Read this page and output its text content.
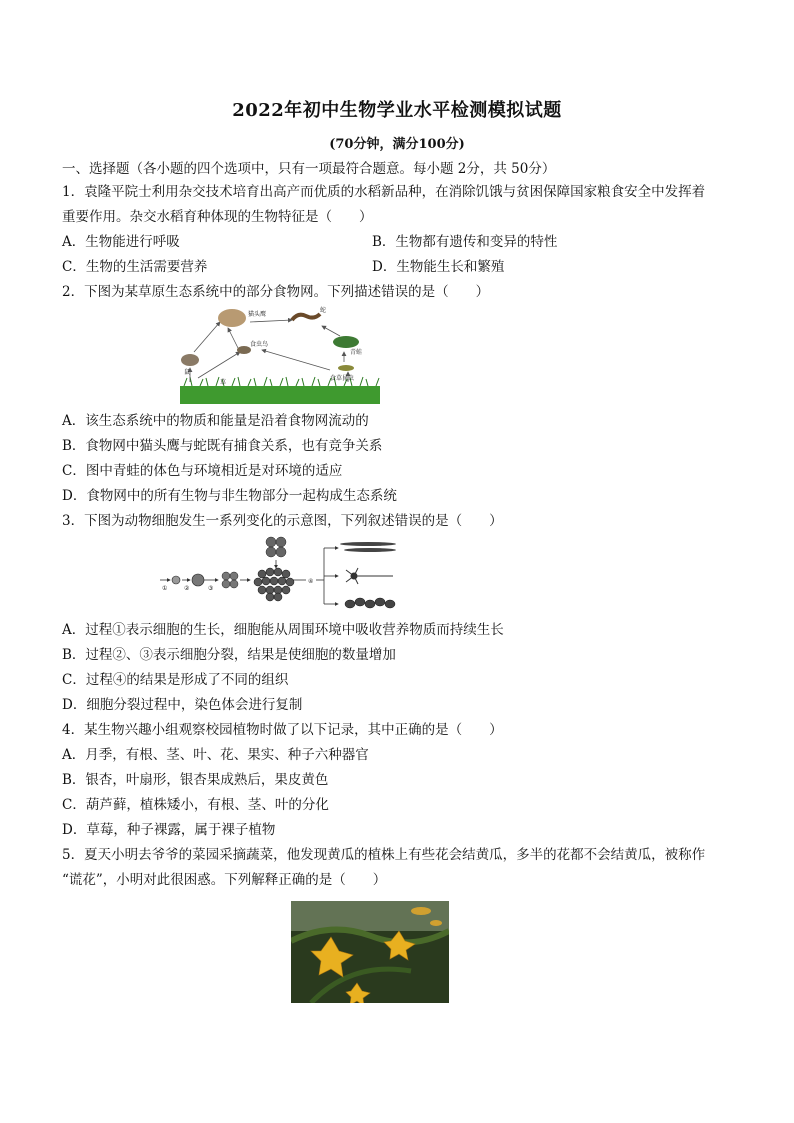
2022年初中生物学业水平检测模拟试题
(70分钟，满分100分)
一、选择题（各小题的四个选项中，只有一项最符合题意。每小题 2分，共 50分）
1．袁隆平院士利用杂交技术培育出高产而优质的水稻新品种，在消除饥饿与贫困保障国家粮食安全中发挥着
重要作用。杂交水稻育种体现的生物特征是（　　）
A．生物能进行呼吸	B．生物都有遗传和变异的特性
C．生物的生活需要营养	D．生物能生长和繁殖
2．下图为某草原生态系统中的部分食物网。下列描述错误的是（　　）
猫头鹰
蛇
青蛙
食虫鸟
鼠
食草昆虫
草
A．该生态系统中的物质和能量是沿着食物网流动的
B．食物网中猫头鹰与蛇既有捕食关系，也有竞争关系
C．图中青蛙的体色与环境相近是对环境的适应
D．食物网中的所有生物与非生物部分一起构成生态系统
3．下图为动物细胞发生一系列变化的示意图，下列叙述错误的是（　　）
①	②	③
④
A．过程①表示细胞的生长，细胞能从周围环境中吸收营养物质而持续生长
B．过程②、③表示细胞分裂，结果是使细胞的数量增加
C．过程④的结果是形成了不同的组织
D．细胞分裂过程中，染色体会进行复制
4．某生物兴趣小组观察校园植物时做了以下记录，其中正确的是（　　）
A．月季，有根、茎、叶、花、果实、种子六种器官
B．银杏，叶扇形，银杏果成熟后，果皮黄色
C．葫芦藓，植株矮小，有根、茎、叶的分化
D．草莓，种子裸露，属于裸子植物
5．夏天小明去爷爷的菜园采摘蔬菜，他发现黄瓜的植株上有些花会结黄瓜，多半的花都不会结黄瓜，被称作
“谎花”，小明对此很困惑。下列解释正确的是（　　）
